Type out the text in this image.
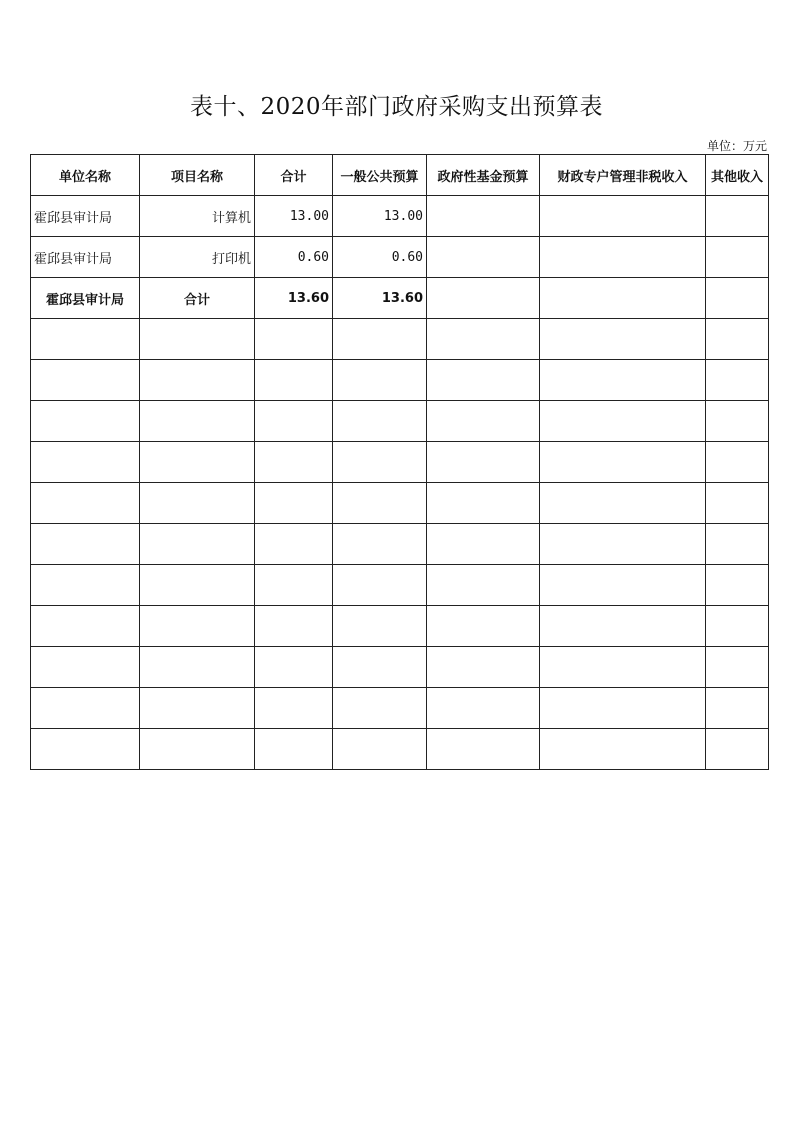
表十、2020年部门政府采购支出预算表
单位：万元
单位名称	项目名称	合计	一般公共预算	政府性基金预算	财政专户管理非税收入	其他收入
霍邱县审计局	计算机	13.00	13.00			
霍邱县审计局	打印机	0.60	0.60			
霍邱县审计局	合计	13.60	13.60			
